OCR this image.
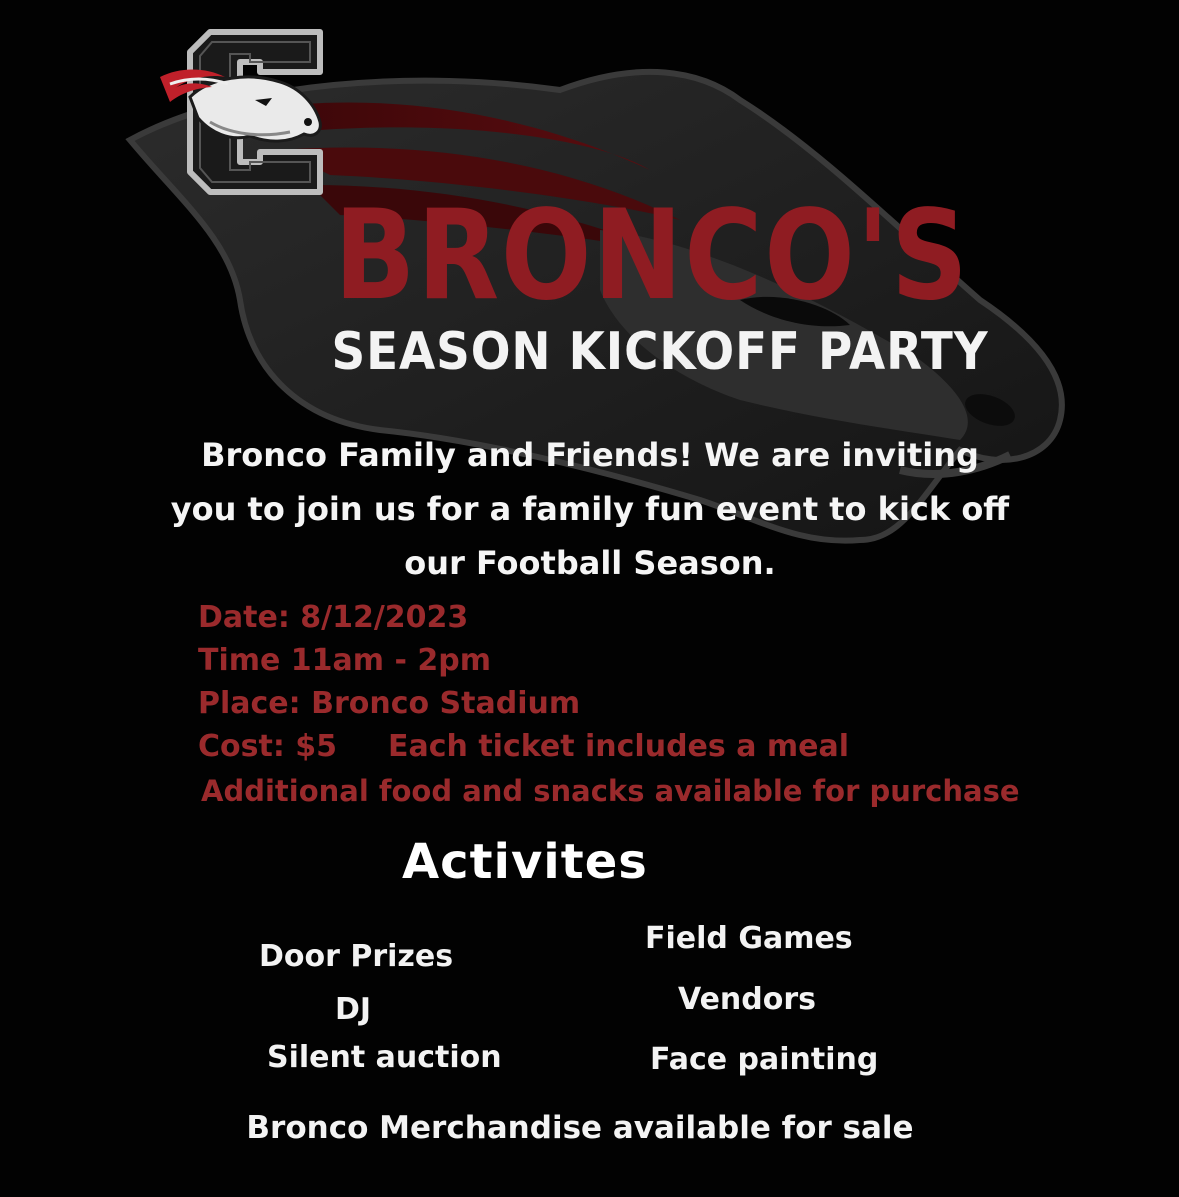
BRONCO'S
SEASON KICKOFF PARTY

Bronco Family and Friends! We are inviting

you to join us for a family fun event to kick off

our Football Season.

Date: 8/12/2023

Time 11am - 2pm

Place: Bronco Stadium

Cost: $5 Each ticket includes a meal

Additional food and snacks available for purchase

Activites

Door Prizes

DJ

Silent auction

Field Games

Vendors

Face painting

Bronco Merchandise available for sale
